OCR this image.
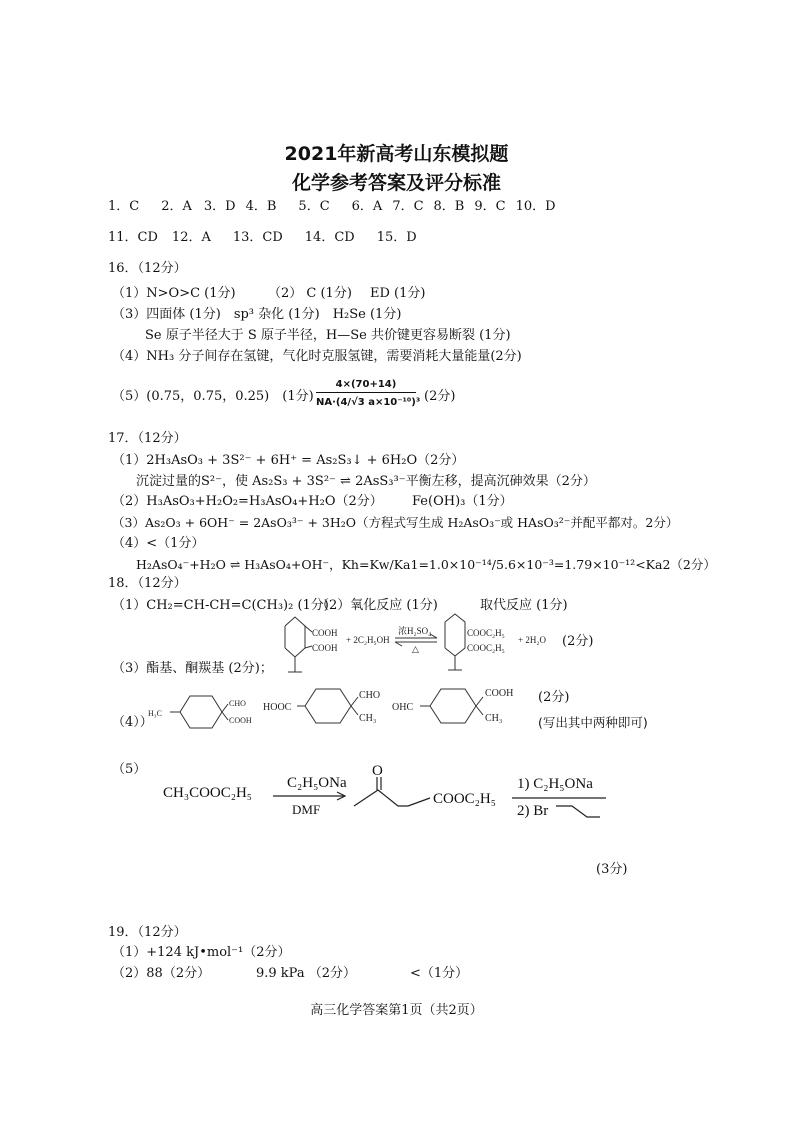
2021年新高考山东模拟题
化学参考答案及评分标准
1．C 2．A 3．D 4．B 5．C 6．A 7．C 8．B 9．C 10．D
11．CD 12．A 13．CD 14．CD 15．D
16．（12分）
（1）N>O>C (1分) （2） C (1分) ED (1分)
（3）四面体 (1分)　sp³ 杂化 (1分)　H₂Se (1分)
Se 原子半径大于 S 原子半径，H—Se 共价键更容易断裂 (1分)
（4）NH₃ 分子间存在氢键，气化时克服氢键，需要消耗大量能量(2分)
（5）(0.75，0.75，0.25)　(1分)
4×(70+14)
NA·(4/√3 a×10⁻¹⁰)³ (2分)
17．（12分）
（1）2H₃AsO₃ + 3S²⁻ + 6H⁺ = As₂S₃↓ + 6H₂O（2分）
沉淀过量的S²⁻，使 As₂S₃ + 3S²⁻ ⇌ 2AsS₃³⁻平衡左移，提高沉砷效果（2分）
（2）H₃AsO₃+H₂O₂=H₃AsO₄+H₂O（2分） Fe(OH)₃（1分）
（3）As₂O₃ + 6OH⁻ = 2AsO₃³⁻ + 3H₂O（方程式写生成 H₂AsO₃⁻或 HAsO₃²⁻并配平都对。2分）
（4）<（1分）
H₂AsO₄⁻+H₂O ⇌ H₃AsO₄+OH⁻，Kh=Kw/Ka1=1.0×10⁻¹⁴/5.6×10⁻³=1.79×10⁻¹²<Ka2（2分）
18．（12分）
（1）CH₂=CH-CH=C(CH₃)₂ (1分)
（2）氧化反应 (1分)	取代反应 (1分)
COOH
COOH
+ 2C₂H₅OH
浓H₂SO₄
△
COOC₂H₅
COOC₂H₅
+ 2H₂O (2分)
（3）酯基、酮羰基 (2分)；
H₃C
CHO
COOH
HOOC
CHO
CH₃
OHC
COOH
CH₃
（4））
(2分)
(写出其中两种即可)
（5）
CH₃COOC₂H₅
C₂H₅ONa
DMF
O
COOC₂H₅
1) C₂H₅ONa
2) Br
(3分)
19．（12分）
（1）+124 kJ•mol⁻¹（2分）
（2）88（2分）	9.9 kPa （2分）	<（1分）
高三化学答案第1页（共2页）
